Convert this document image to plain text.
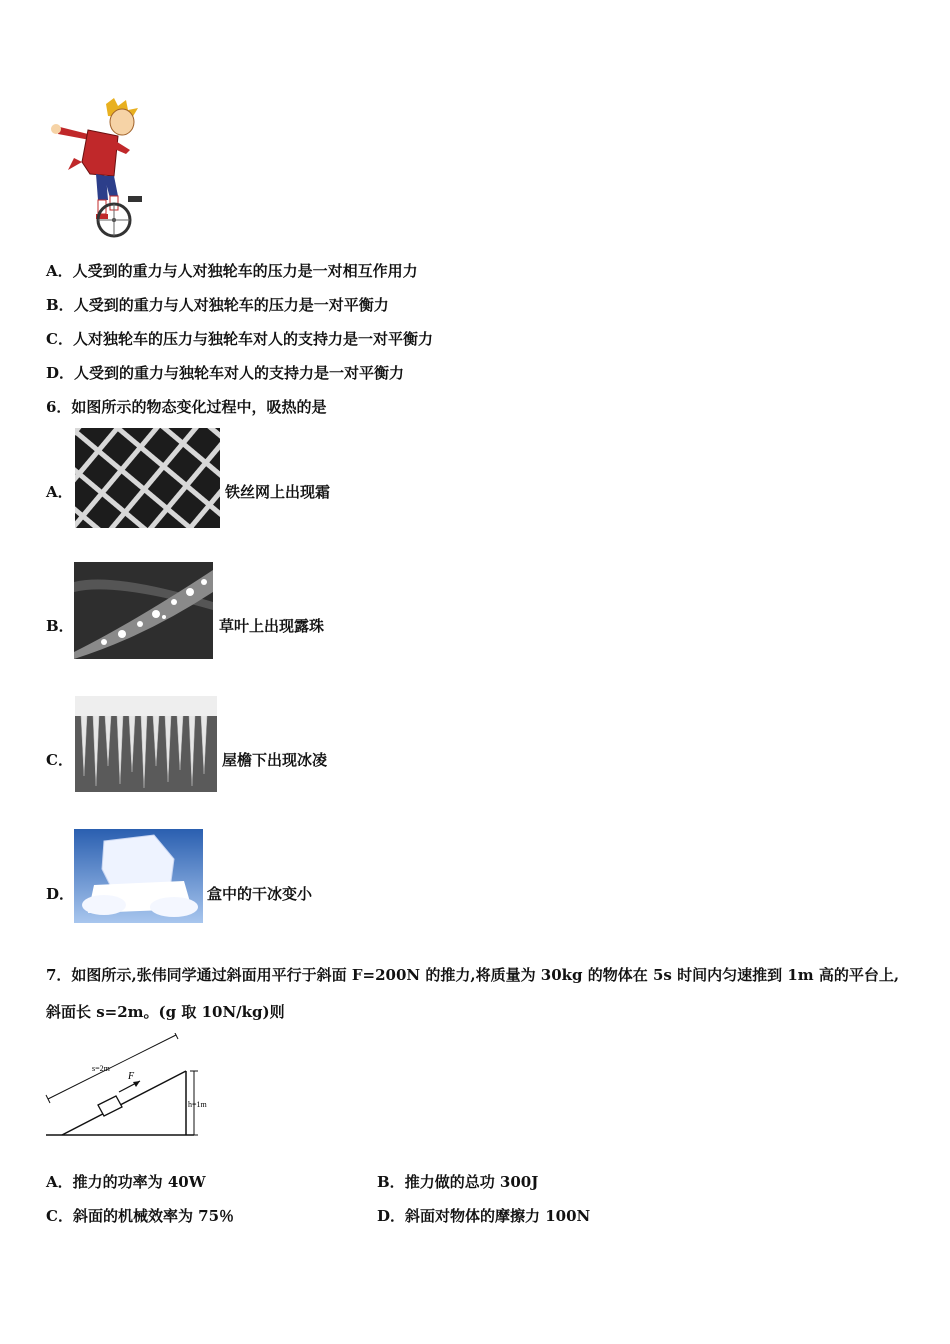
A．人受到的重力与人对独轮车的压力是一对相互作用力
B．人受到的重力与人对独轮车的压力是一对平衡力
C．人对独轮车的压力与独轮车对人的支持力是一对平衡力
D．人受到的重力与独轮车对人的支持力是一对平衡力
6．如图所示的物态变化过程中，吸热的是
A．	铁丝网上出现霜
B．	草叶上出现露珠
C．	屋檐下出现冰凌
D．	盒中的干冰变小
7．如图所示,张伟同学通过斜面用平行于斜面 F=200N 的推力,将质量为 30kg 的物体在 5s 时间内匀速推到 1m 高的平台上, 斜面长 s=2m。(g 取 10N/kg)则
F
s=2m
h=1m
A．推力的功率为 40W	B．推力做的总功 300J
C．斜面的机械效率为 75％	D．斜面对物体的摩擦力 100N
